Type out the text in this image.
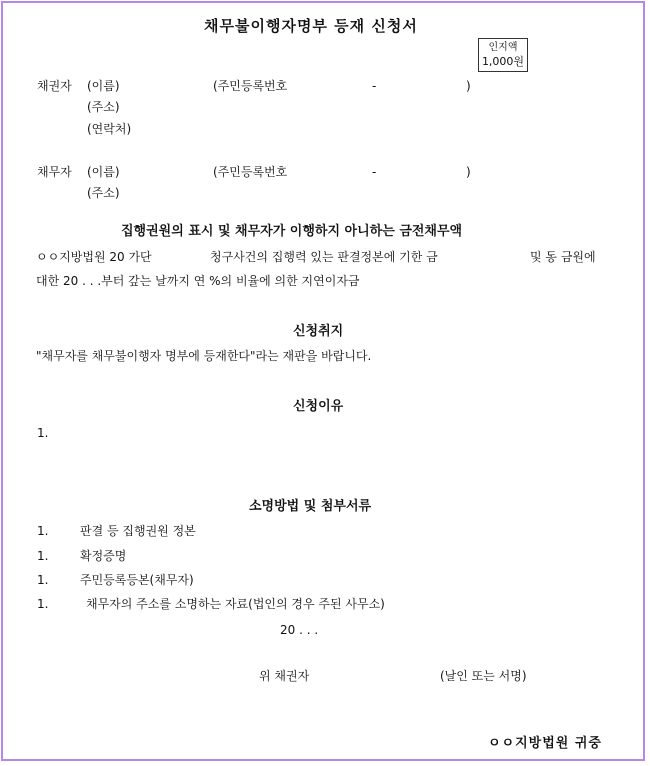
채무불이행자명부 등재 신청서
인지액
1,000원
채권자 (이름)	(주민등록번호	-	)
(주소)
(연락처)
채무자 (이름)	(주민등록번호	-	)
(주소)
집행권원의 표시 및 채무자가 이행하지 아니하는 금전채무액
ㅇㅇ지방법원 20 가단	청구사건의 집행력 있는 판결정본에 기한 금	및 동 금원에
대한 20 . . .부터 갚는 날까지 연 %의 비율에 의한 지연이자금
신청취지
"채무자를 채무불이행자 명부에 등재한다"라는 재판을 바랍니다.
신청이유
1.
소명방법 및 첨부서류
1.	판결 등 집행권원 정본
1.	확정증명
1.	주민등록등본(채무자)
1.	채무자의 주소를 소명하는 자료(법인의 경우 주된 사무소)
20 . . .
위 채권자	(날인 또는 서명)
ㅇㅇ지방법원 귀중
